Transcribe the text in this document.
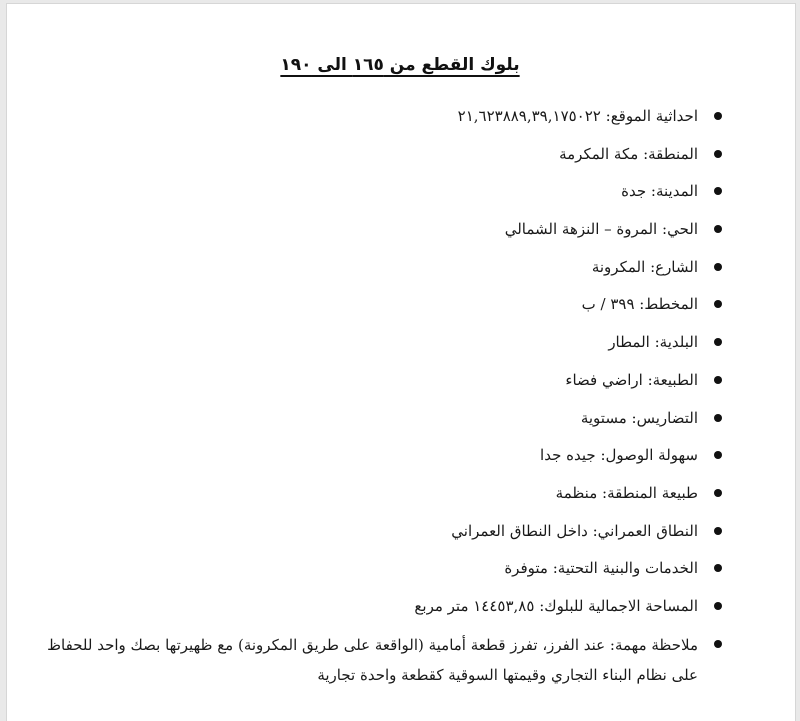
بلوك القطع من ١٦٥ الى ١٩٠
احداثية الموقع: ٢١,٦٢٣٨٨٩,٣٩,١٧٥٠٢٢
المنطقة: مكة المكرمة
المدينة: جدة
الحي: المروة – النزهة الشمالي
الشارع: المكرونة
المخطط: ٣٩٩ / ب
البلدية: المطار
الطبيعة: اراضي فضاء
التضاريس: مستوية
سهولة الوصول: جيده جدا
طبيعة المنطقة: منظمة
النطاق العمراني: داخل النطاق العمراني
الخدمات والبنية التحتية: متوفرة
المساحة الاجمالية للبلوك: ١٤٤٥٣,٨٥ متر مربع
ملاحظة مهمة: عند الفرز، تفرز قطعة أمامية (الواقعة على طريق المكرونة) مع ظهيرتها بصك واحد للحفاظ على نظام البناء التجاري وقيمتها السوقية كقطعة واحدة تجارية
